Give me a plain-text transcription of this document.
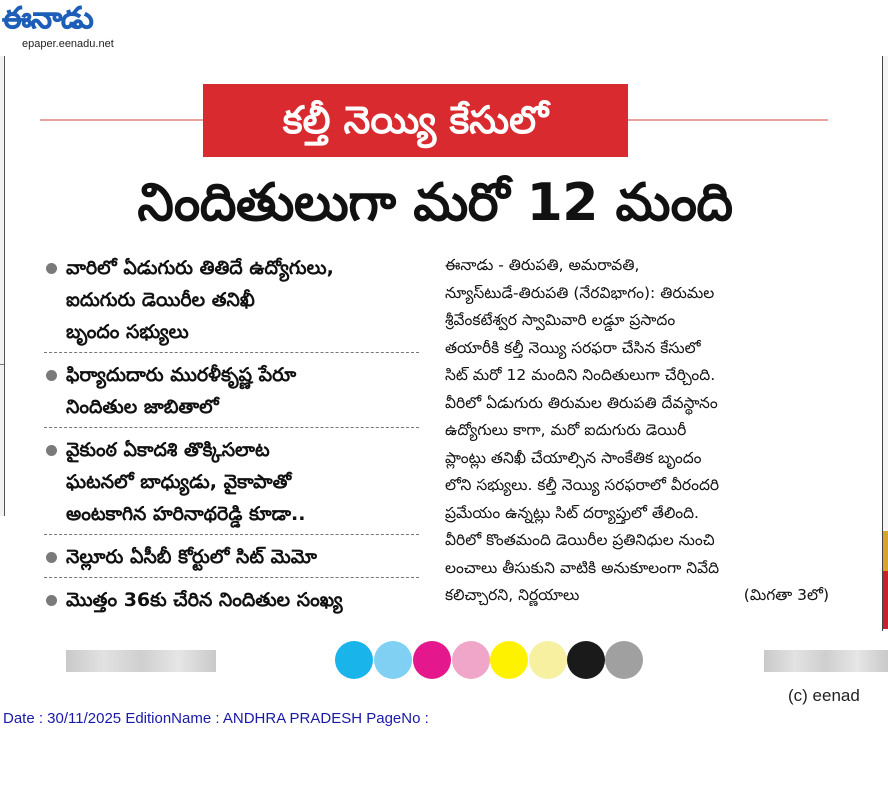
ఈనాడు
epaper.eenadu.net
కల్తీ నెయ్యి కేసులో
నిందితులుగా మరో 12 మంది
వారిలో ఏడుగురు తితిదే ఉద్యోగులు,
ఐదుగురు డెయిరీల తనిఖీ
బృందం సభ్యులు
ఫిర్యాదుదారు మురళీకృష్ణ పేరూ
నిందితుల జాబితాలో
వైకుంఠ ఏకాదశి తొక్కిసలాట
ఘటనలో బాధ్యుడు, వైకాపాతో
అంటకాగిన హరినాథరెడ్డి కూడా..
నెల్లూరు ఏసీబీ కోర్టులో సిట్ మెమో
మొత్తం 36కు చేరిన నిందితుల సంఖ్య
ఈనాడు - తిరుపతి, అమరావతి,
న్యూస్‌టుడే-తిరుపతి (నేరవిభాగం): తిరుమల
శ్రీవేంకటేశ్వర స్వామివారి లడ్డూ ప్రసాదం
తయారీకి కల్తీ నెయ్యి సరఫరా చేసిన కేసులో
సిట్ మరో 12 మందిని నిందితులుగా చేర్చింది.
వీరిలో ఏడుగురు తిరుమల తిరుపతి దేవస్థానం
ఉద్యోగులు కాగా, మరో ఐదుగురు డెయిరీ
ప్లాంట్లు తనిఖీ చేయాల్సిన సాంకేతిక బృందం
లోని సభ్యులు. కల్తీ నెయ్యి సరఫరాలో వీరందరి
ప్రమేయం ఉన్నట్లు సిట్ దర్యాప్తులో తేలింది.
వీరిలో కొంతమంది డెయిరీల ప్రతినిధుల నుంచి
లంచాలు తీసుకుని వాటికి అనుకూలంగా నివేది
కలిచ్చారని, నిర్ణయాలు	(మిగతా 3లో)
(c) eenad
Date : 30/11/2025 EditionName : ANDHRA PRADESH PageNo :
